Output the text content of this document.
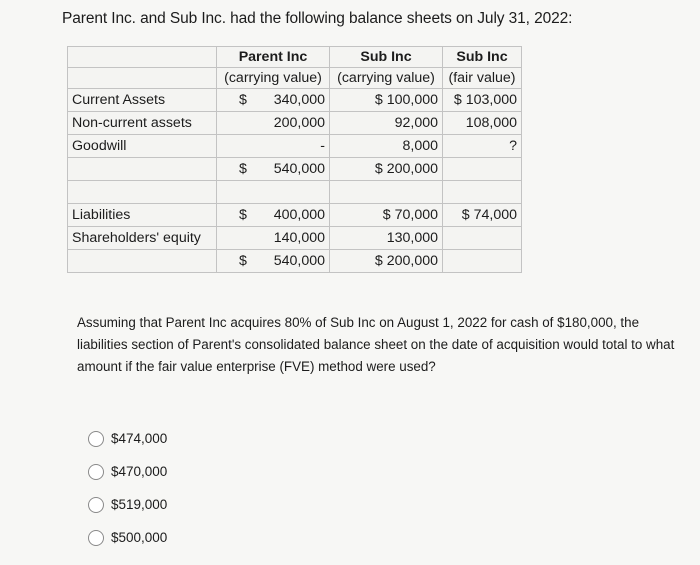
Parent Inc. and Sub Inc. had the following balance sheets on July 31, 2022:
	Parent Inc	Sub Inc	Sub Inc
	(carrying value)	(carrying value)	(fair value)
Current Assets	$ 340,000	$ 100,000	$ 103,000
Non-current assets	200,000	92,000	108,000
Goodwill	-	8,000	?

	$ 540,000	$ 200,000	

Liabilities	$ 400,000	$ 70,000	$ 74,000
Shareholders' equity	140,000	130,000	

	$ 540,000	$ 200,000	
Assuming that Parent Inc acquires 80% of Sub Inc on August 1, 2022 for cash of $180,000, the liabilities section of Parent's consolidated balance sheet on the date of acquisition would total to what amount if the fair value enterprise (FVE) method were used?
$474,000
$470,000
$519,000
$500,000
